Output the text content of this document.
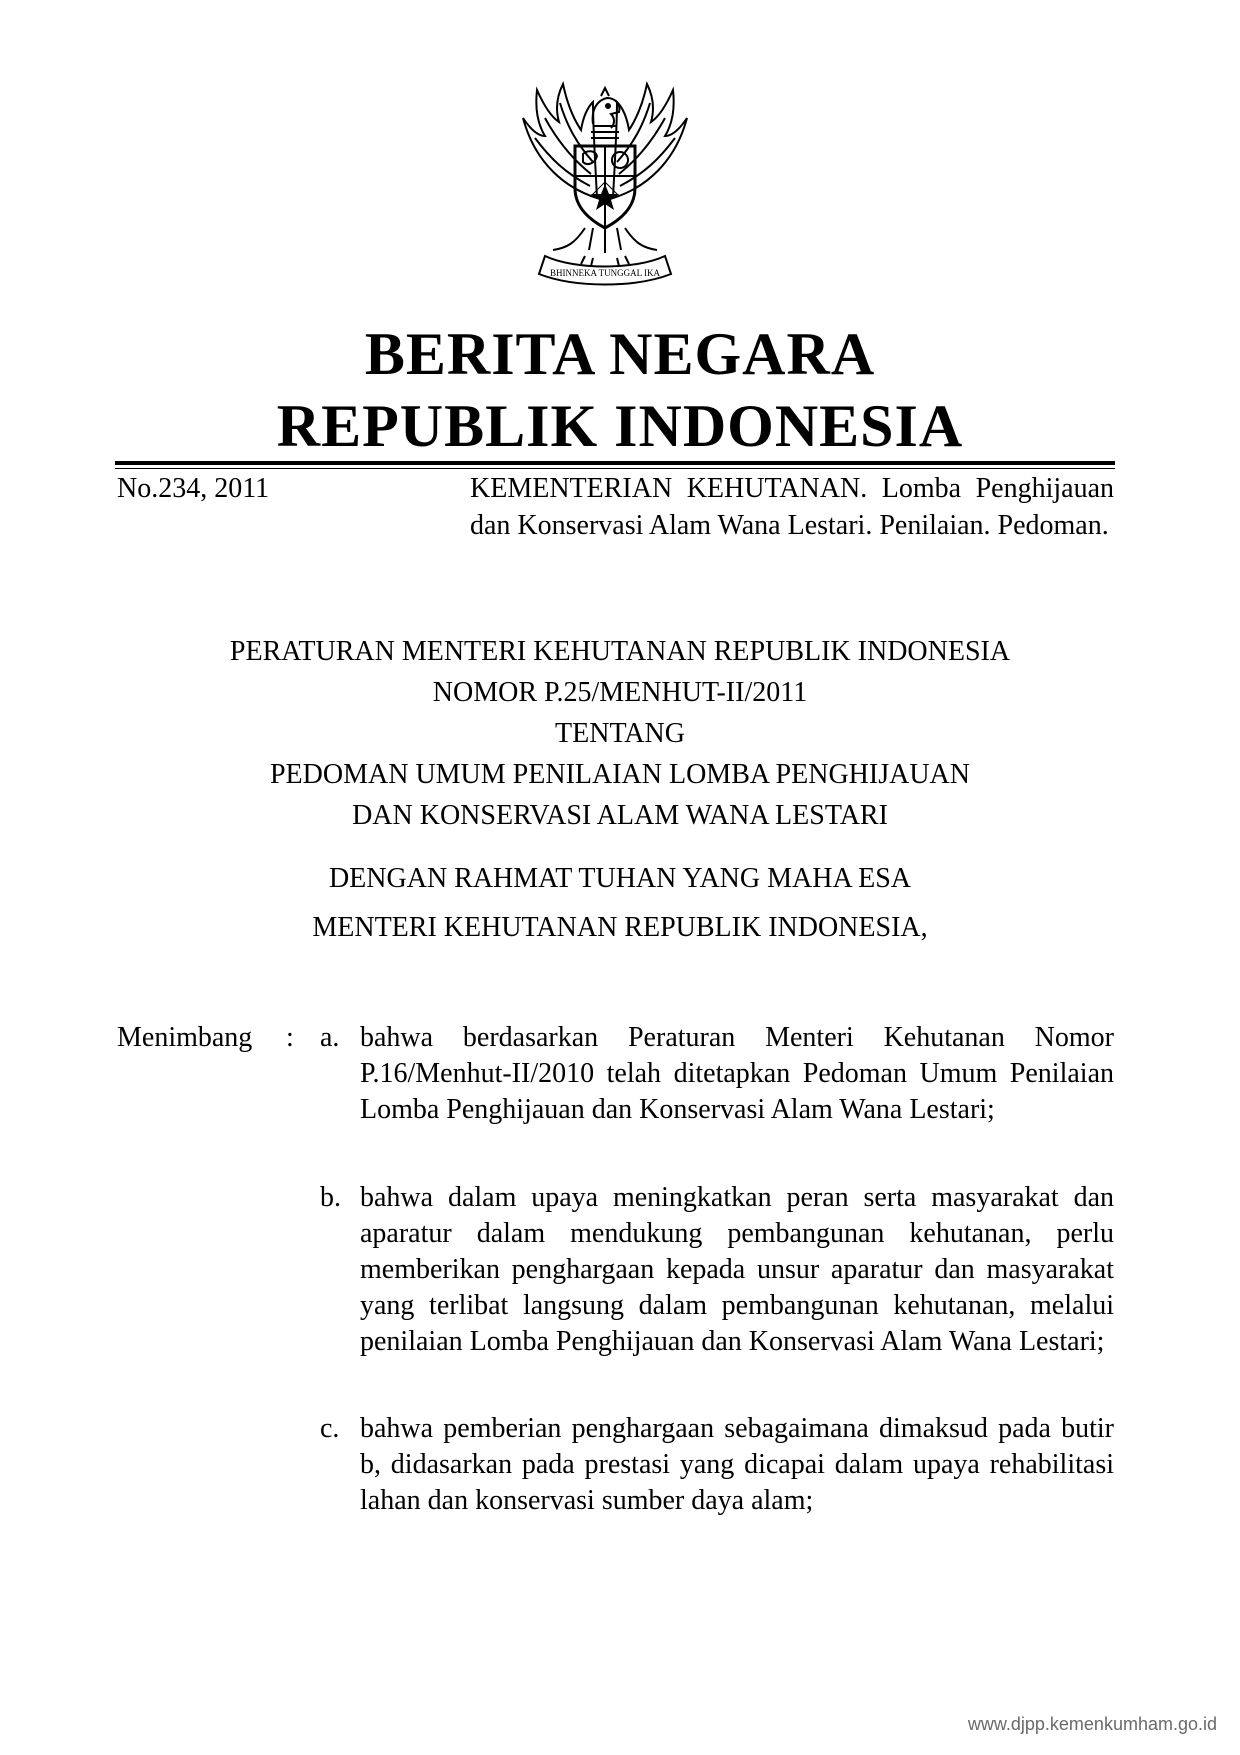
BHINNEKA TUNGGAL IKA
BERITA NEGARA
REPUBLIK INDONESIA
No.234, 2011	KEMENTERIAN KEHUTANAN. Lomba Penghijauan dan Konservasi Alam Wana Lestari. Penilaian. Pedoman.
PERATURAN MENTERI KEHUTANAN REPUBLIK INDONESIA
NOMOR P.25/MENHUT-II/2011
TENTANG
PEDOMAN UMUM PENILAIAN LOMBA PENGHIJAUAN
DAN KONSERVASI ALAM WANA LESTARI
DENGAN RAHMAT TUHAN YANG MAHA ESA
MENTERI KEHUTANAN REPUBLIK INDONESIA,
Menimbang : a. bahwa berdasarkan Peraturan Menteri Kehutanan Nomor P.16/Menhut-II/2010 telah ditetapkan Pedoman Umum Penilaian Lomba Penghijauan dan Konservasi Alam Wana Lestari;
b. bahwa dalam upaya meningkatkan peran serta masyarakat dan aparatur dalam mendukung pembangunan kehutanan, perlu memberikan penghargaan kepada unsur aparatur dan masyarakat yang terlibat langsung dalam pembangunan kehutanan, melalui penilaian Lomba Penghijauan dan Konservasi Alam Wana Lestari;
c. bahwa pemberian penghargaan sebagaimana dimaksud pada butir b, didasarkan pada prestasi yang dicapai dalam upaya rehabilitasi lahan dan konservasi sumber daya alam;
www.djpp.kemenkumham.go.id
